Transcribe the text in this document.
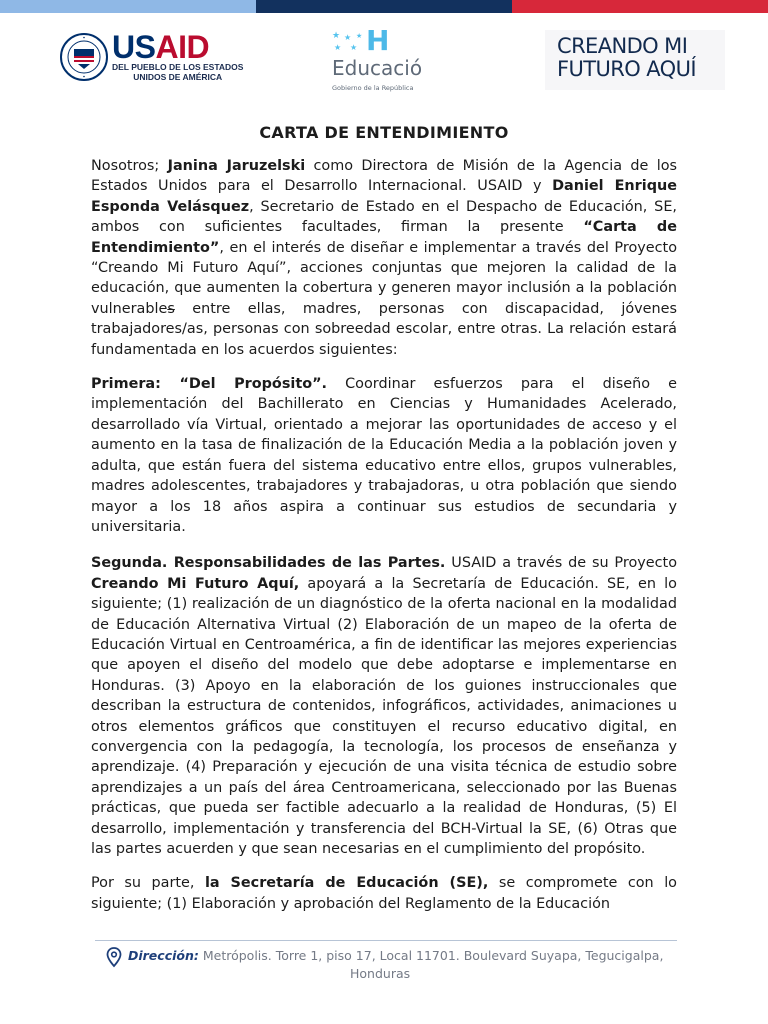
USAID
DEL PUEBLO DE LOS ESTADOS
UNIDOS DE AMÉRICA
★ ★
★ ★
★ H
Educació
Gobierno de la República
CREANDO MI
FUTURO AQUÍ
CARTA DE ENTENDIMIENTO

Nosotros; Janina Jaruzelski como Directora de Misión de la Agencia de los Estados Unidos para el Desarrollo Internacional. USAID y Daniel Enrique Esponda Velásquez, Secretario de Estado en el Despacho de Educación, SE, ambos con suficientes facultades, firman la presente “Carta de Entendimiento”, en el interés de diseñar e implementar a través del Proyecto “Creando Mi Futuro Aquí”, acciones conjuntas que mejoren la calidad de la educación, que aumenten la cobertura y generen mayor inclusión a la población vulnerables entre ellas, madres, personas con discapacidad, jóvenes trabajadores/as, personas con sobreedad escolar, entre otras. La relación estará fundamentada en los acuerdos siguientes:

Primera: “Del Propósito”. Coordinar esfuerzos para el diseño e implementación del Bachillerato en Ciencias y Humanidades Acelerado, desarrollado vía Virtual, orientado a mejorar las oportunidades de acceso y el aumento en la tasa de finalización de la Educación Media a la población joven y adulta, que están fuera del sistema educativo entre ellos, grupos vulnerables, madres adolescentes, trabajadores y trabajadoras, u otra población que siendo mayor a los 18 años aspira a continuar sus estudios de secundaria y universitaria.

Segunda. Responsabilidades de las Partes. USAID a través de su Proyecto Creando Mi Futuro Aquí, apoyará a la Secretaría de Educación. SE, en lo siguiente; (1) realización de un diagnóstico de la oferta nacional en la modalidad de Educación Alternativa Virtual (2) Elaboración de un mapeo de la oferta de Educación Virtual en Centroamérica, a fin de identificar las mejores experiencias que apoyen el diseño del modelo que debe adoptarse e implementarse en Honduras. (3) Apoyo en la elaboración de los guiones instruccionales que describan la estructura de contenidos, infográficos, actividades, animaciones u otros elementos gráficos que constituyen el recurso educativo digital, en convergencia con la pedagogía, la tecnología, los procesos de enseñanza y aprendizaje. (4) Preparación y ejecución de una visita técnica de estudio sobre aprendizajes a un país del área Centroamericana, seleccionado por las Buenas prácticas, que pueda ser factible adecuarlo a la realidad de Honduras, (5) El desarrollo, implementación y transferencia del BCH-Virtual la SE, (6) Otras que las partes acuerden y que sean necesarias en el cumplimiento del propósito.

Por su parte, la Secretaría de Educación (SE), se compromete con lo siguiente; (1) Elaboración y aprobación del Reglamento de la Educación

Dirección: Metrópolis. Torre 1, piso 17, Local 11701. Boulevard Suyapa, Tegucigalpa,
Honduras
